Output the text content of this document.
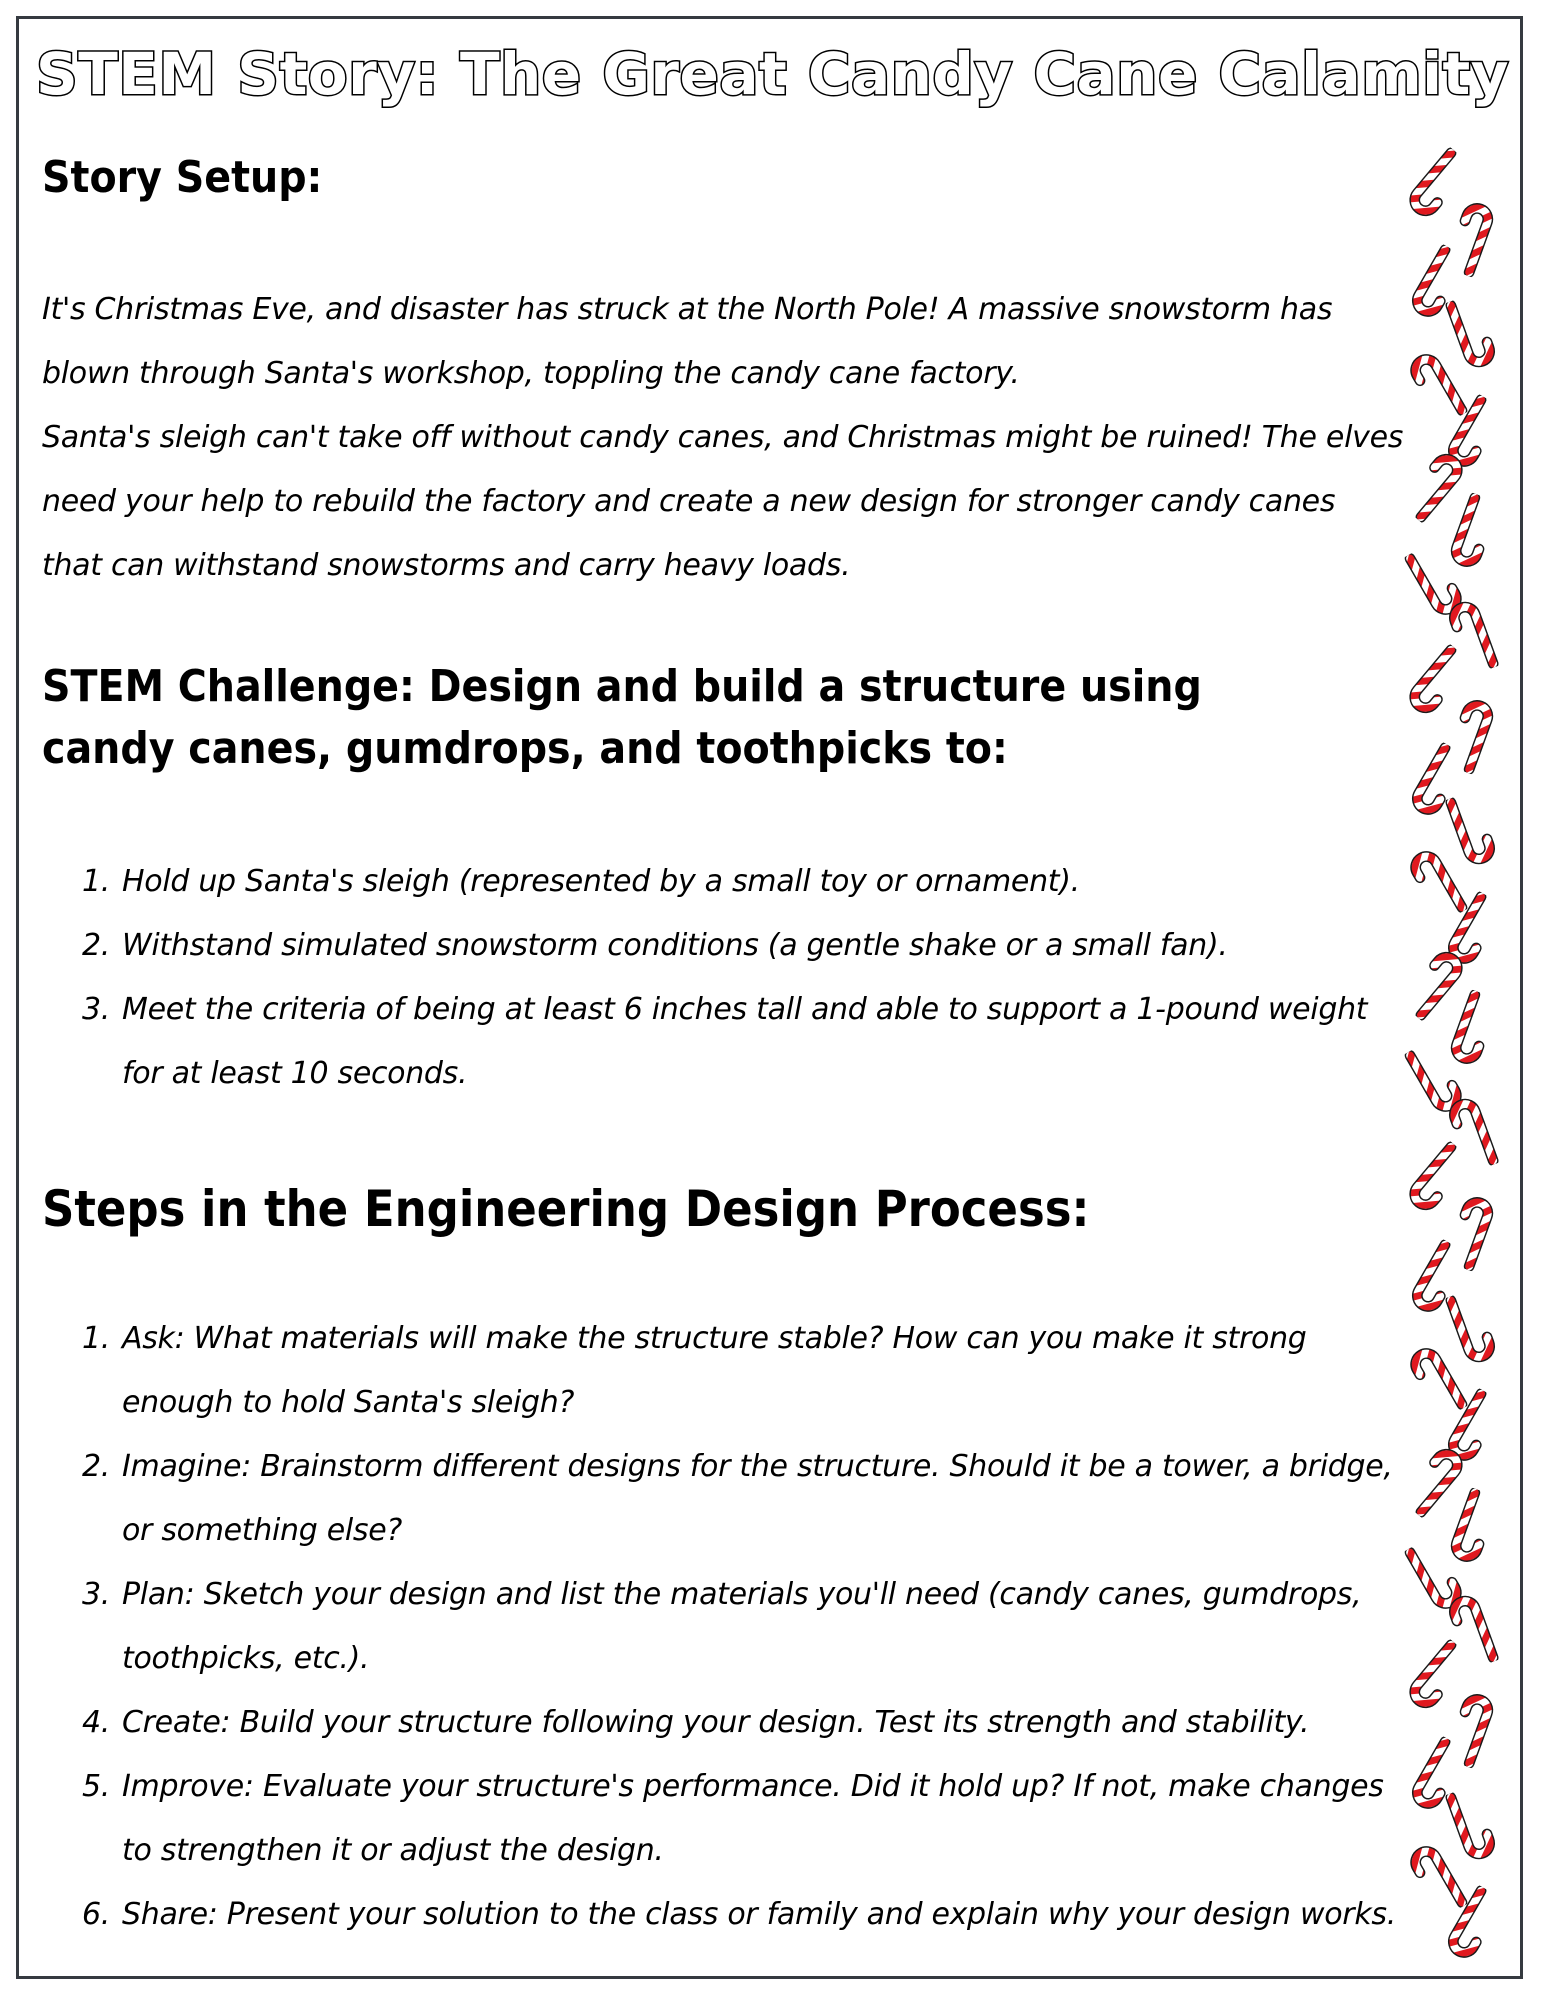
STEM Story: The Great Candy Cane Calamity
Story Setup:
It's Christmas Eve, and disaster has struck at the North Pole! A massive snowstorm has
blown through Santa's workshop, toppling the candy cane factory.
Santa's sleigh can't take off without candy canes, and Christmas might be ruined! The elves
need your help to rebuild the factory and create a new design for stronger candy canes
that can withstand snowstorms and carry heavy loads.
STEM Challenge: Design and build a structure using
candy canes, gumdrops, and toothpicks to:
1. Hold up Santa's sleigh (represented by a small toy or ornament).
2. Withstand simulated snowstorm conditions (a gentle shake or a small fan).
3. Meet the criteria of being at least 6 inches tall and able to support a 1-pound weight
for at least 10 seconds.
Steps in the Engineering Design Process:
1. Ask: What materials will make the structure stable? How can you make it strong
enough to hold Santa's sleigh?
2. Imagine: Brainstorm different designs for the structure. Should it be a tower, a bridge,
or something else?
3. Plan: Sketch your design and list the materials you'll need (candy canes, gumdrops,
toothpicks, etc.).
4. Create: Build your structure following your design. Test its strength and stability.
5. Improve: Evaluate your structure's performance. Did it hold up? If not, make changes
to strengthen it or adjust the design.
6. Share: Present your solution to the class or family and explain why your design works.
